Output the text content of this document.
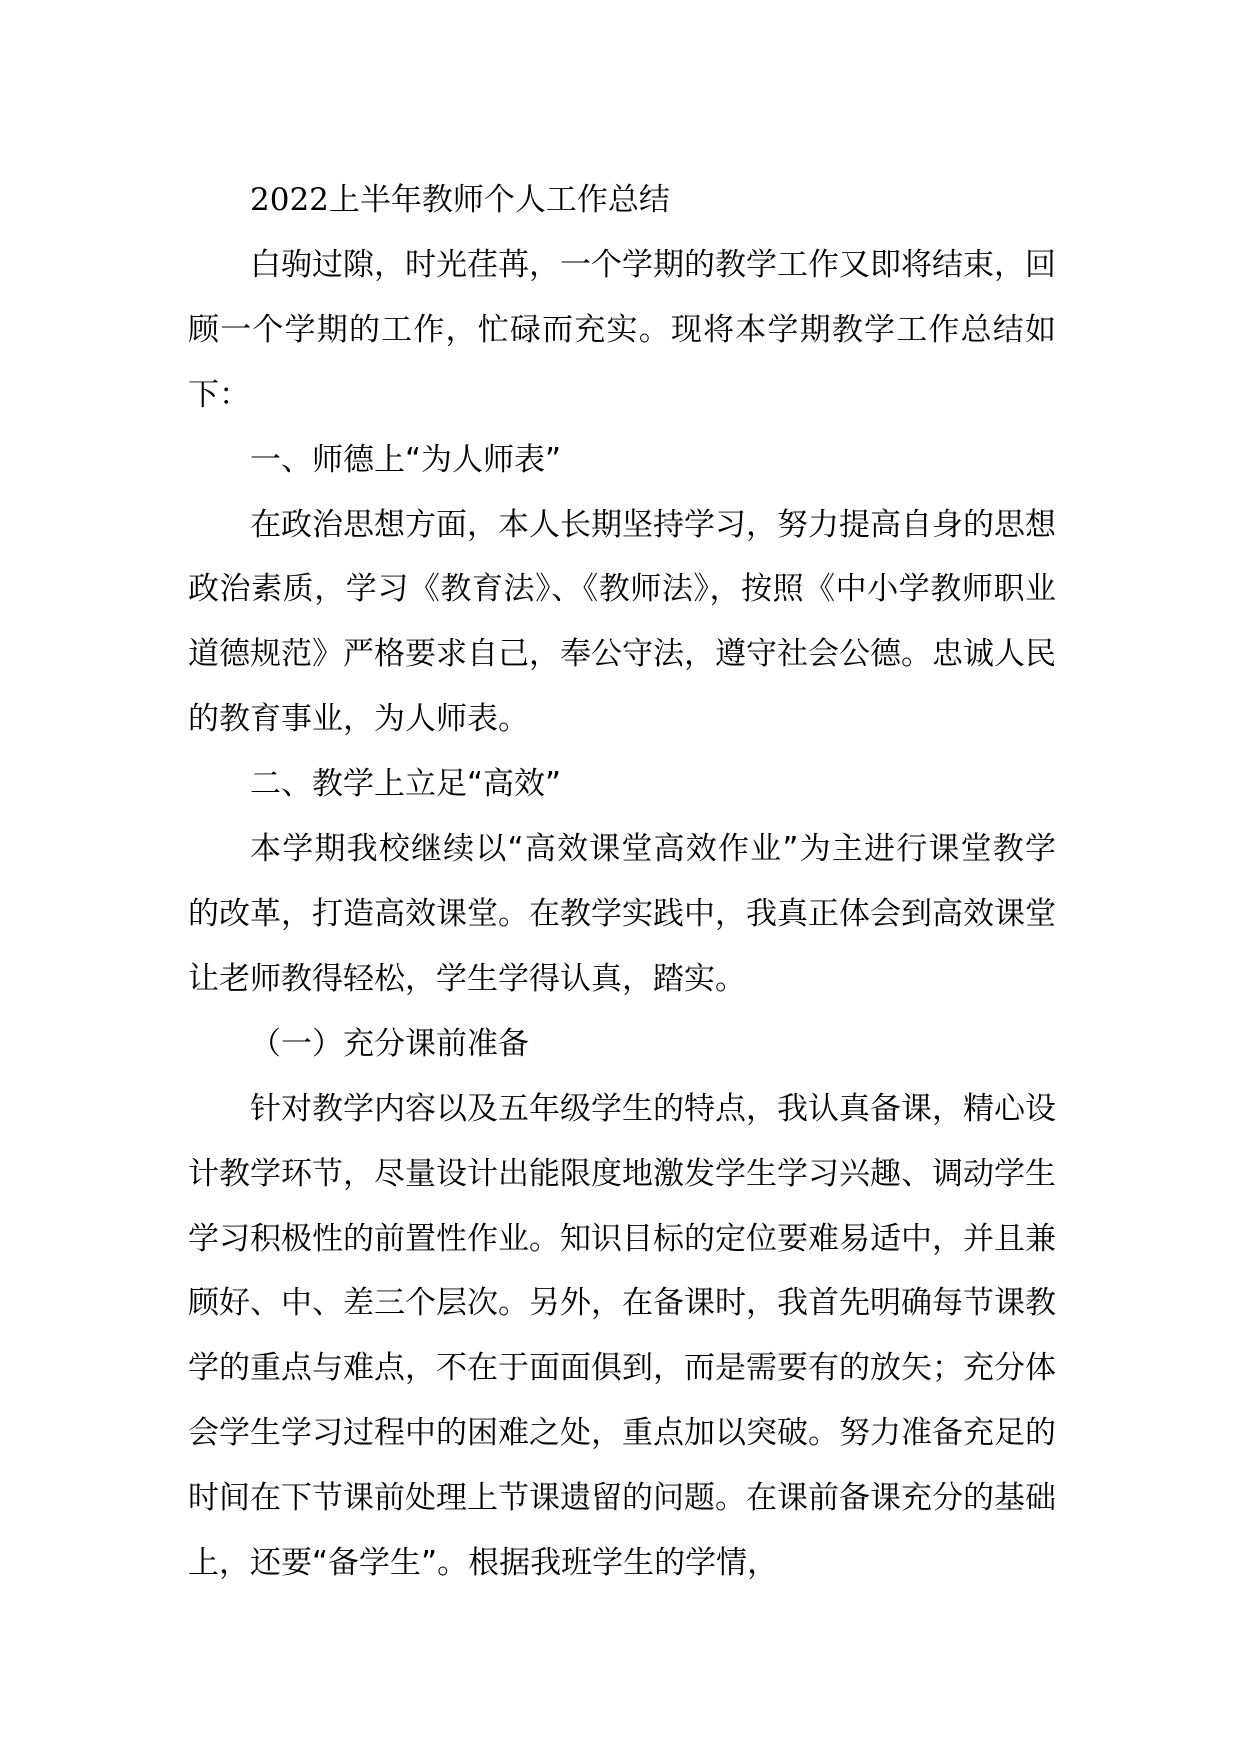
2022上半年教师个人工作总结

白驹过隙，时光荏苒，一个学期的教学工作又即将结束，回顾一个学期的工作，忙碌而充实。现将本学期教学工作总结如下：

一、师德上“为人师表”

在政治思想方面，本人长期坚持学习，努力提高自身的思想政治素质，学习《教育法》、《教师法》，按照《中小学教师职业道德规范》严格要求自己，奉公守法，遵守社会公德。忠诚人民的教育事业，为人师表。

二、教学上立足“高效”

本学期我校继续以“高效课堂高效作业”为主进行课堂教学的改革，打造高效课堂。在教学实践中，我真正体会到高效课堂让老师教得轻松，学生学得认真，踏实。

（一）充分课前准备

针对教学内容以及五年级学生的特点，我认真备课，精心设计教学环节，尽量设计出能限度地激发学生学习兴趣、调动学生学习积极性的前置性作业。知识目标的定位要难易适中，并且兼顾好、中、差三个层次。另外，在备课时，我首先明确每节课教学的重点与难点，不在于面面俱到，而是需要有的放矢；充分体会学生学习过程中的困难之处，重点加以突破。努力准备充足的时间在下节课前处理上节课遗留的问题。在课前备课充分的基础上，还要“备学生”。根据我班学生的学情，
